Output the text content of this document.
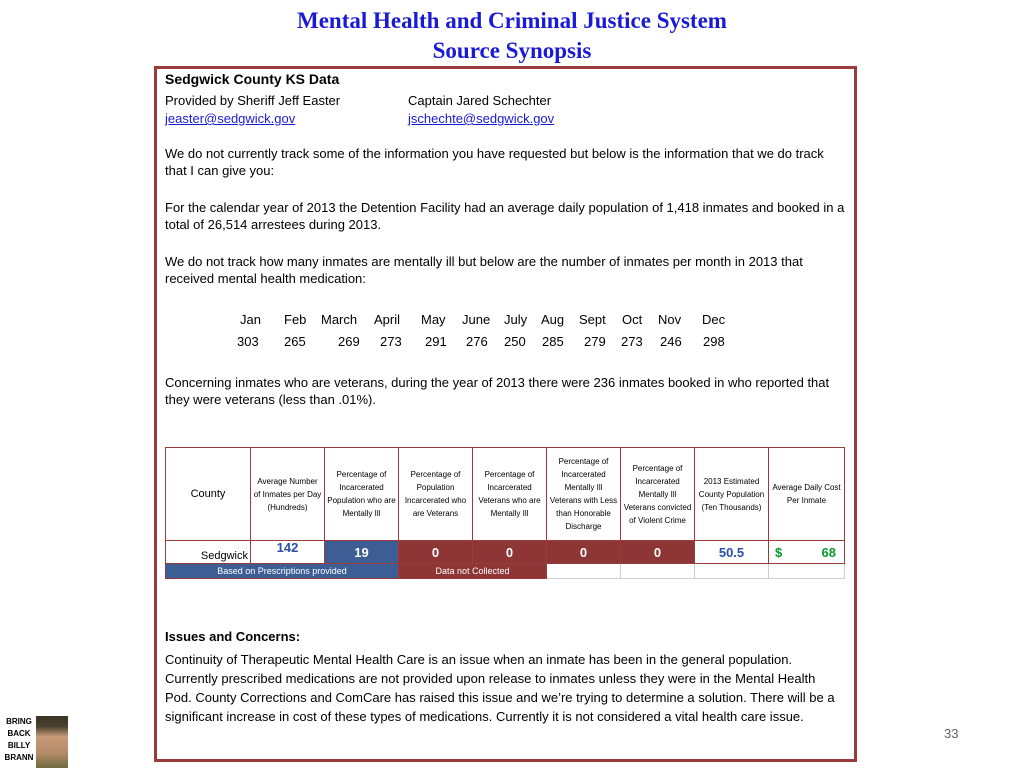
Mental Health and Criminal Justice System
Source Synopsis
Sedgwick County KS Data
Provided by Sheriff Jeff Easter	Captain Jared Schechter
jeaster@sedgwick.gov	jschechte@sedgwick.gov
We do not currently track some of the information you have requested but below is the information that we do track that I can give you:
For the calendar year of 2013 the Detention Facility had an average daily population of 1,418 inmates and booked in a total of 26,514 arrestees during 2013.
We do not track how many inmates are mentally ill but below are the number of inmates per month in 2013 that received mental health medication:
Jan Feb March April May June July Aug Sept Oct Nov Dec
303 265 269 273 291 276 250 285 279 273 246 298
Concerning inmates who are veterans, during the year of 2013 there were 236 inmates booked in who reported that they were veterans (less than .01%).
County	Average Number of Inmates per Day (Hundreds)	Percentage of Incarcerated Population who are Mentally Ill	Percentage of Population Incarcerated who are Veterans	Percentage of Incarcerated Veterans who are Mentally Ill	Percentage of Incarcerated Mentally Ill Veterans with Less than Honorable Discharge	Percentage of Incarcerated Mentally Ill Veterans convicted of Violent Crime	2013 Estimated County Population (Ten Thousands)	Average Daily Cost Per Inmate
Sedgwick	142	19	0	0	0	0	50.5	$ 68

Based on Prescriptions provided			Data not Collected					
Issues and Concerns:
Continuity of Therapeutic Mental Health Care is an issue when an inmate has been in the general population. Currently prescribed medications are not provided upon release to inmates unless they were in the Mental Health Pod. County Corrections and ComCare has raised this issue and we’re trying to determine a solution. There will be a significant increase in cost of these types of medications. Currently it is not considered a vital health care issue.
33
BRING
BACK
BILLY
BRANN
